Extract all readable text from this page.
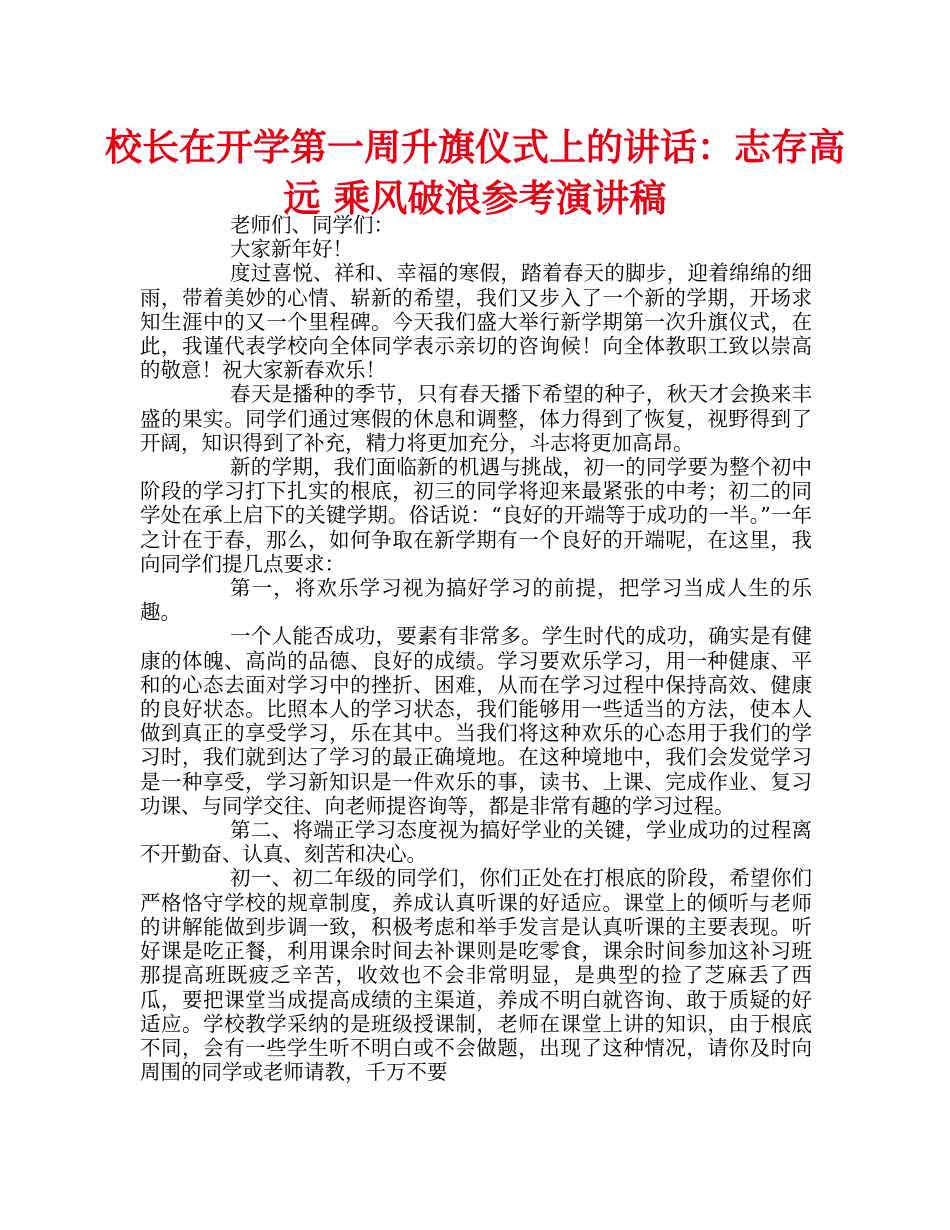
校长在开学第一周升旗仪式上的讲话：志存高远 乘风破浪参考演讲稿

老师们、同学们：

大家新年好！

度过喜悦、祥和、幸福的寒假，踏着春天的脚步，迎着绵绵的细雨，带着美妙的心情、崭新的希望，我们又步入了一个新的学期，开场求知生涯中的又一个里程碑。今天我们盛大举行新学期第一次升旗仪式，在此，我谨代表学校向全体同学表示亲切的咨询候！向全体教职工致以崇高的敬意！祝大家新春欢乐！

春天是播种的季节，只有春天播下希望的种子，秋天才会换来丰盛的果实。同学们通过寒假的休息和调整，体力得到了恢复，视野得到了开阔，知识得到了补充，精力将更加充分，斗志将更加高昂。

新的学期，我们面临新的机遇与挑战，初一的同学要为整个初中阶段的学习打下扎实的根底，初三的同学将迎来最紧张的中考；初二的同学处在承上启下的关键学期。俗话说：“良好的开端等于成功的一半。”一年之计在于春，那么，如何争取在新学期有一个良好的开端呢，在这里，我向同学们提几点要求：

第一，将欢乐学习视为搞好学习的前提，把学习当成人生的乐趣。

一个人能否成功，要素有非常多。学生时代的成功，确实是有健康的体魄、高尚的品德、良好的成绩。学习要欢乐学习，用一种健康、平和的心态去面对学习中的挫折、困难，从而在学习过程中保持高效、健康的良好状态。比照本人的学习状态，我们能够用一些适当的方法，使本人做到真正的享受学习，乐在其中。当我们将这种欢乐的心态用于我们的学习时，我们就到达了学习的最正确境地。在这种境地中，我们会发觉学习是一种享受，学习新知识是一件欢乐的事，读书、上课、完成作业、复习功课、与同学交往、向老师提咨询等，都是非常有趣的学习过程。

第二、将端正学习态度视为搞好学业的关键，学业成功的过程离不开勤奋、认真、刻苦和决心。

初一、初二年级的同学们，你们正处在打根底的阶段，希望你们严格恪守学校的规章制度，养成认真听课的好适应。课堂上的倾听与老师的讲解能做到步调一致，积极考虑和举手发言是认真听课的主要表现。听好课是吃正餐，利用课余时间去补课则是吃零食，课余时间参加这补习班那提高班既疲乏辛苦，收效也不会非常明显，是典型的捡了芝麻丢了西瓜，要把课堂当成提高成绩的主渠道，养成不明白就咨询、敢于质疑的好适应。学校教学采纳的是班级授课制，老师在课堂上讲的知识，由于根底不同，会有一些学生听不明白或不会做题，出现了这种情况，请你及时向周围的同学或老师请教，千万不要
